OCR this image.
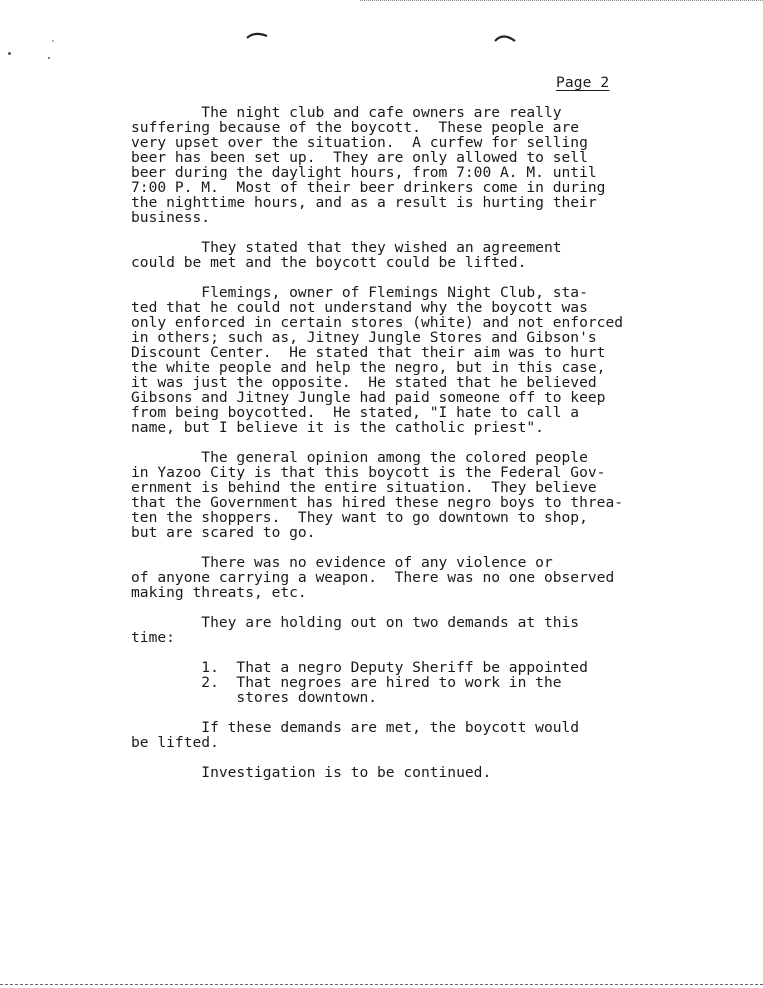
Page 2

The night club and cafe owners are really
suffering because of the boycott.  These people are
very upset over the situation.  A curfew for selling
beer has been set up.  They are only allowed to sell
beer during the daylight hours, from 7:00 A. M. until
7:00 P. M.  Most of their beer drinkers come in during
the nighttime hours, and as a result is hurting their
business.

They stated that they wished an agreement
could be met and the boycott could be lifted.

Flemings, owner of Flemings Night Club, sta-
ted that he could not understand why the boycott was
only enforced in certain stores (white) and not enforced
in others; such as, Jitney Jungle Stores and Gibson's
Discount Center.  He stated that their aim was to hurt
the white people and help the negro, but in this case,
it was just the opposite.  He stated that he believed
Gibsons and Jitney Jungle had paid someone off to keep
from being boycotted.  He stated, "I hate to call a
name, but I believe it is the catholic priest".

The general opinion among the colored people
in Yazoo City is that this boycott is the Federal Gov-
ernment is behind the entire situation.  They believe
that the Government has hired these negro boys to threa-
ten the shoppers.  They want to go downtown to shop,
but are scared to go.

There was no evidence of any violence or
of anyone carrying a weapon.  There was no one observed
making threats, etc.

They are holding out on two demands at this
time:

1.  That a negro Deputy Sheriff be appointed
2.  That negroes are hired to work in the
stores downtown.

If these demands are met, the boycott would
be lifted.

Investigation is to be continued.
